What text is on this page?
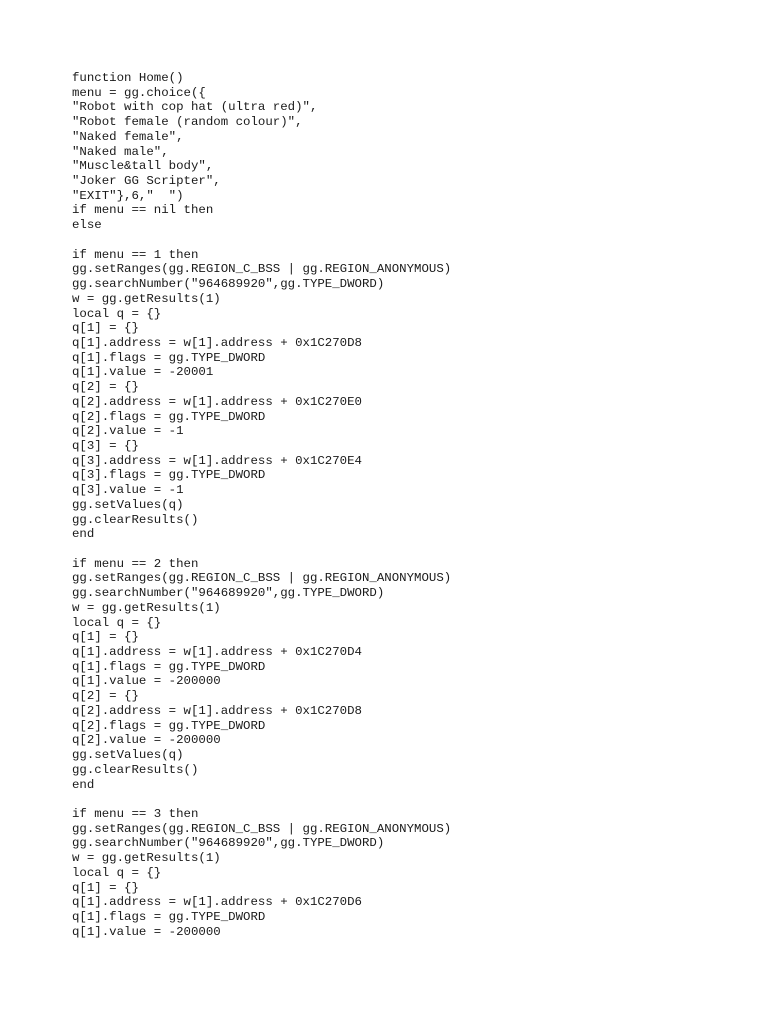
function Home()
menu = gg.choice({
"Robot with cop hat (ultra red)",
"Robot female (random colour)",
"Naked female",
"Naked male",
"Muscle&tall body",
"Joker GG Scripter",
"EXIT"},6,"  ")
if menu == nil then
else
if menu == 1 then
gg.setRanges(gg.REGION_C_BSS | gg.REGION_ANONYMOUS)
gg.searchNumber("964689920",gg.TYPE_DWORD)
w = gg.getResults(1)
local q = {}
q[1] = {}
q[1].address = w[1].address + 0x1C270D8
q[1].flags = gg.TYPE_DWORD
q[1].value = -20001
q[2] = {}
q[2].address = w[1].address + 0x1C270E0
q[2].flags = gg.TYPE_DWORD
q[2].value = -1
q[3] = {}
q[3].address = w[1].address + 0x1C270E4
q[3].flags = gg.TYPE_DWORD
q[3].value = -1
gg.setValues(q)
gg.clearResults()
end
if menu == 2 then
gg.setRanges(gg.REGION_C_BSS | gg.REGION_ANONYMOUS)
gg.searchNumber("964689920",gg.TYPE_DWORD)
w = gg.getResults(1)
local q = {}
q[1] = {}
q[1].address = w[1].address + 0x1C270D4
q[1].flags = gg.TYPE_DWORD
q[1].value = -200000
q[2] = {}
q[2].address = w[1].address + 0x1C270D8
q[2].flags = gg.TYPE_DWORD
q[2].value = -200000
gg.setValues(q)
gg.clearResults()
end
if menu == 3 then
gg.setRanges(gg.REGION_C_BSS | gg.REGION_ANONYMOUS)
gg.searchNumber("964689920",gg.TYPE_DWORD)
w = gg.getResults(1)
local q = {}
q[1] = {}
q[1].address = w[1].address + 0x1C270D6
q[1].flags = gg.TYPE_DWORD
q[1].value = -200000
